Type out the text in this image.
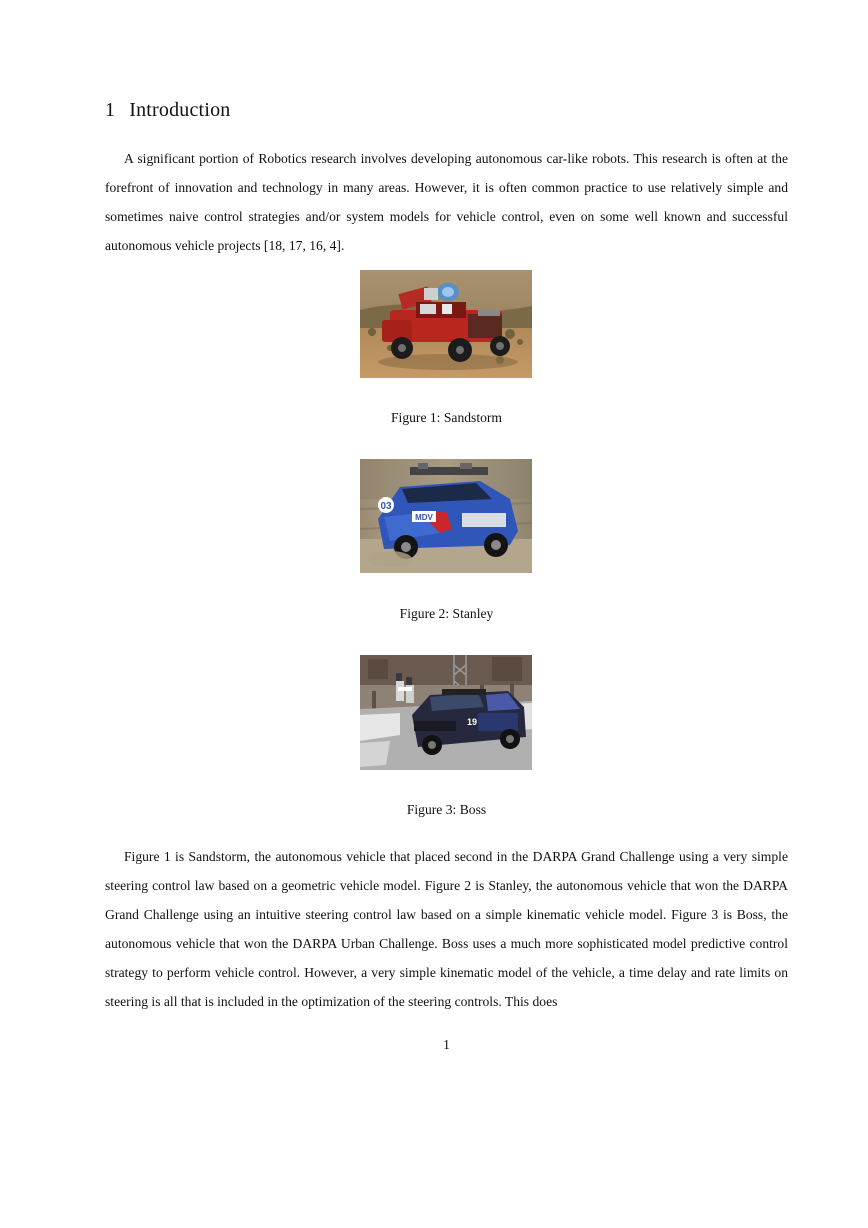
1 Introduction

A significant portion of Robotics research involves developing autonomous car-like robots. This research is often at the forefront of innovation and technology in many areas. However, it is often common practice to use relatively simple and sometimes naive control strategies and/or system models for vehicle control, even on some well known and successful autonomous vehicle projects [18, 17, 16, 4].

Figure 1: Sandstorm

MDV
03

Figure 2: Stanley

19

Figure 3: Boss

Figure 1 is Sandstorm, the autonomous vehicle that placed second in the DARPA Grand Challenge using a very simple steering control law based on a geometric vehicle model. Figure 2 is Stanley, the autonomous vehicle that won the DARPA Grand Challenge using an intuitive steering control law based on a simple kinematic vehicle model. Figure 3 is Boss, the autonomous vehicle that won the DARPA Urban Challenge. Boss uses a much more sophisticated model predictive control strategy to perform vehicle control. However, a very simple kinematic model of the vehicle, a time delay and rate limits on steering is all that is included in the optimization of the steering controls. This does

1
